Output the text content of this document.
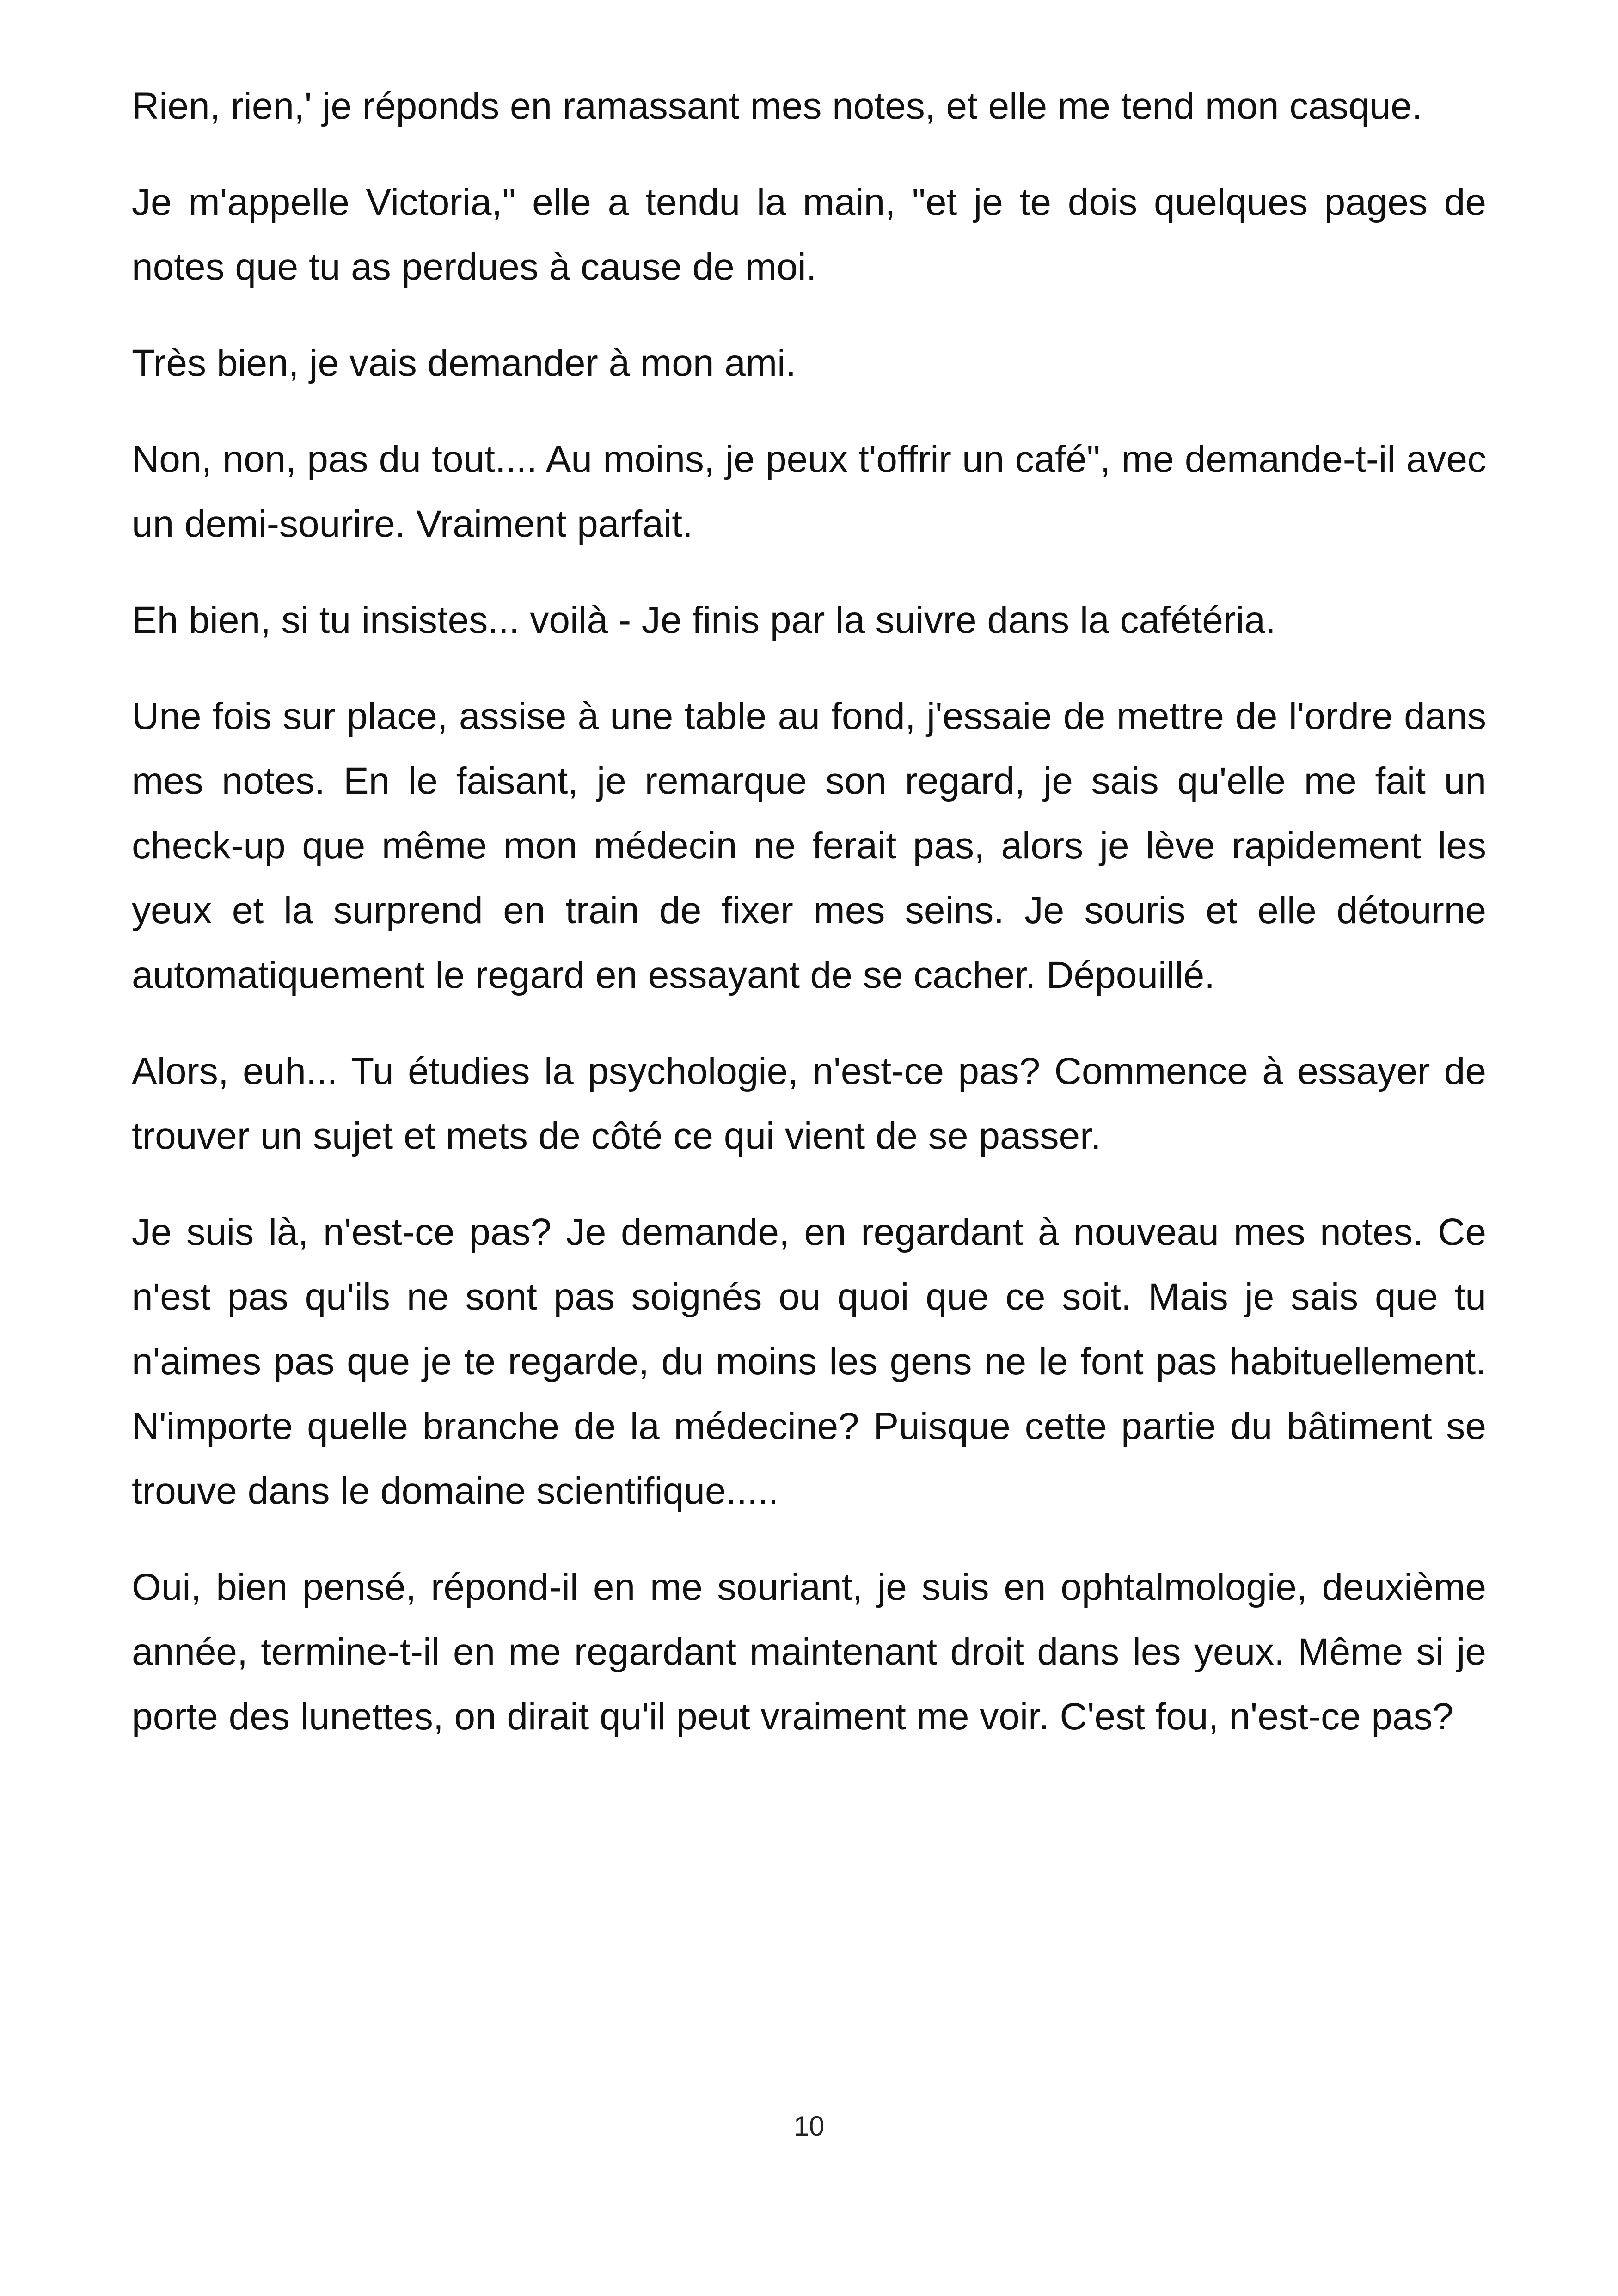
Rien, rien,' je réponds en ramassant mes notes, et elle me tend mon casque.

Je m'appelle Victoria," elle a tendu la main, "et je te dois quelques pages de notes que tu as perdues à cause de moi.

Très bien, je vais demander à mon ami.

Non, non, pas du tout.... Au moins, je peux t'offrir un café", me demande-t-il avec un demi-sourire. Vraiment parfait.

Eh bien, si tu insistes... voilà - Je finis par la suivre dans la cafétéria.

Une fois sur place, assise à une table au fond, j'essaie de mettre de l'ordre dans mes notes. En le faisant, je remarque son regard, je sais qu'elle me fait un check-up que même mon médecin ne ferait pas, alors je lève rapidement les yeux et la surprend en train de fixer mes seins. Je souris et elle détourne automatiquement le regard en essayant de se cacher. Dépouillé.

Alors, euh... Tu étudies la psychologie, n'est-ce pas? Commence à essayer de trouver un sujet et mets de côté ce qui vient de se passer.

Je suis là, n'est-ce pas? Je demande, en regardant à nouveau mes notes. Ce n'est pas qu'ils ne sont pas soignés ou quoi que ce soit. Mais je sais que tu n'aimes pas que je te regarde, du moins les gens ne le font pas habituellement. N'importe quelle branche de la médecine? Puisque cette partie du bâtiment se trouve dans le domaine scientifique.....

Oui, bien pensé, répond-il en me souriant, je suis en ophtalmologie, deuxième année, termine-t-il en me regardant maintenant droit dans les yeux. Même si je porte des lunettes, on dirait qu'il peut vraiment me voir. C'est fou, n'est-ce pas?

10
